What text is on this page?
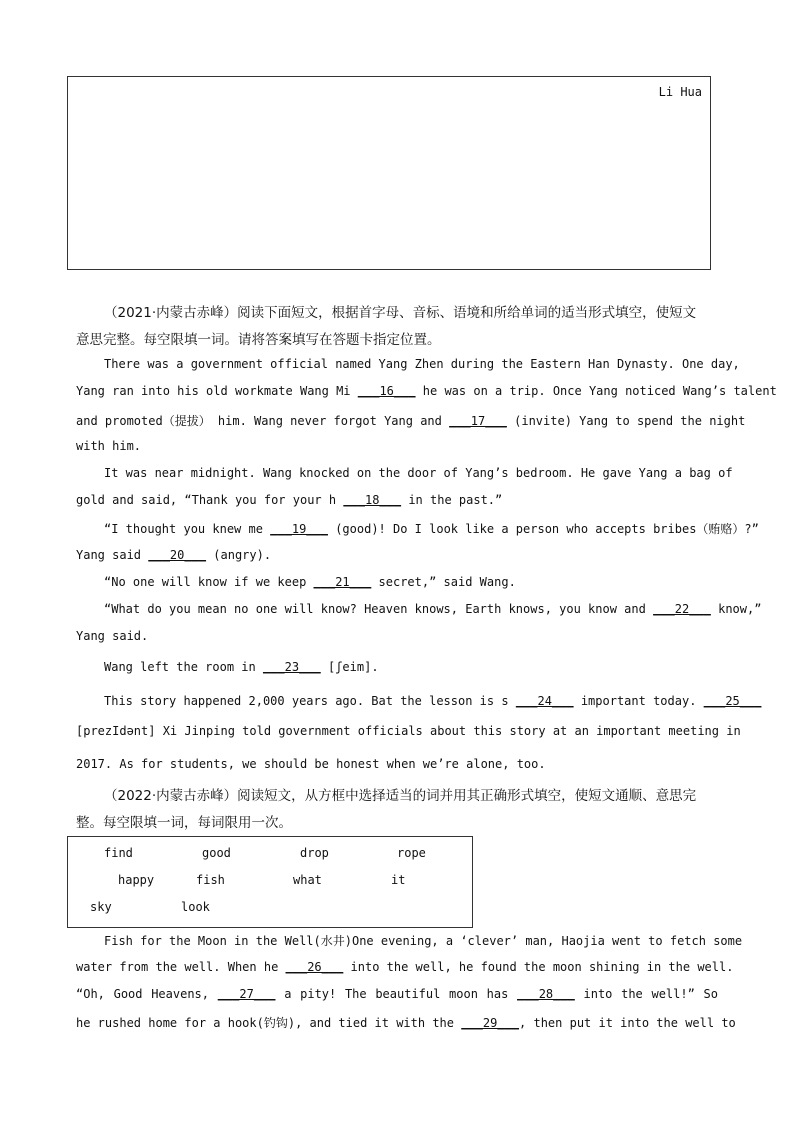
Li Hua
（2021·内蒙古赤峰）阅读下面短文，根据首字母、音标、语境和所给单词的适当形式填空，使短文
意思完整。每空限填一词。请将答案填写在答题卡指定位置。
There was a government official named Yang Zhen during the Eastern Han Dynasty. One day,
Yang ran into his old workmate Wang Mi ___16___ he was on a trip. Once Yang noticed Wang’s talent
and promoted（提拔） him. Wang never forgot Yang and ___17___ (invite) Yang to spend the night
with him.
It was near midnight. Wang knocked on the door of Yang’s bedroom. He gave Yang a bag of
gold and said, “Thank you for your h ___18___ in the past.”
“I thought you knew me ___19___ (good)! Do I look like a person who accepts bribes（贿赂）?”
Yang said ___20___ (angry).
“No one will know if we keep ___21___ secret,” said Wang.
“What do you mean no one will know? Heaven knows, Earth knows, you know and ___22___ know,”
Yang said.
Wang left the room in ___23___ [ʃeim].
This story happened 2,000 years ago. Bat the lesson is s ___24___ important today. ___25___
[prezIdənt] Xi Jinping told government officials about this story at an important meeting in
2017. As for students, we should be honest when we’re alone, too.
（2022·内蒙古赤峰）阅读短文，从方框中选择适当的词并用其正确形式填空，使短文通顺、意思完
整。每空限填一词，每词限用一次。
find	good	drop	rope
happy	fish	what	it
sky	look
Fish for the Moon in the Well(水井)One evening, a ‘clever’ man, Haojia went to fetch some
water from the well. When he ___26___ into the well, he found the moon shining in the well.
“Oh, Good Heavens, ___27___ a pity! The beautiful moon has ___28___ into the well!” So
he rushed home for a hook(钓钩), and tied it with the ___29___, then put it into the well to
